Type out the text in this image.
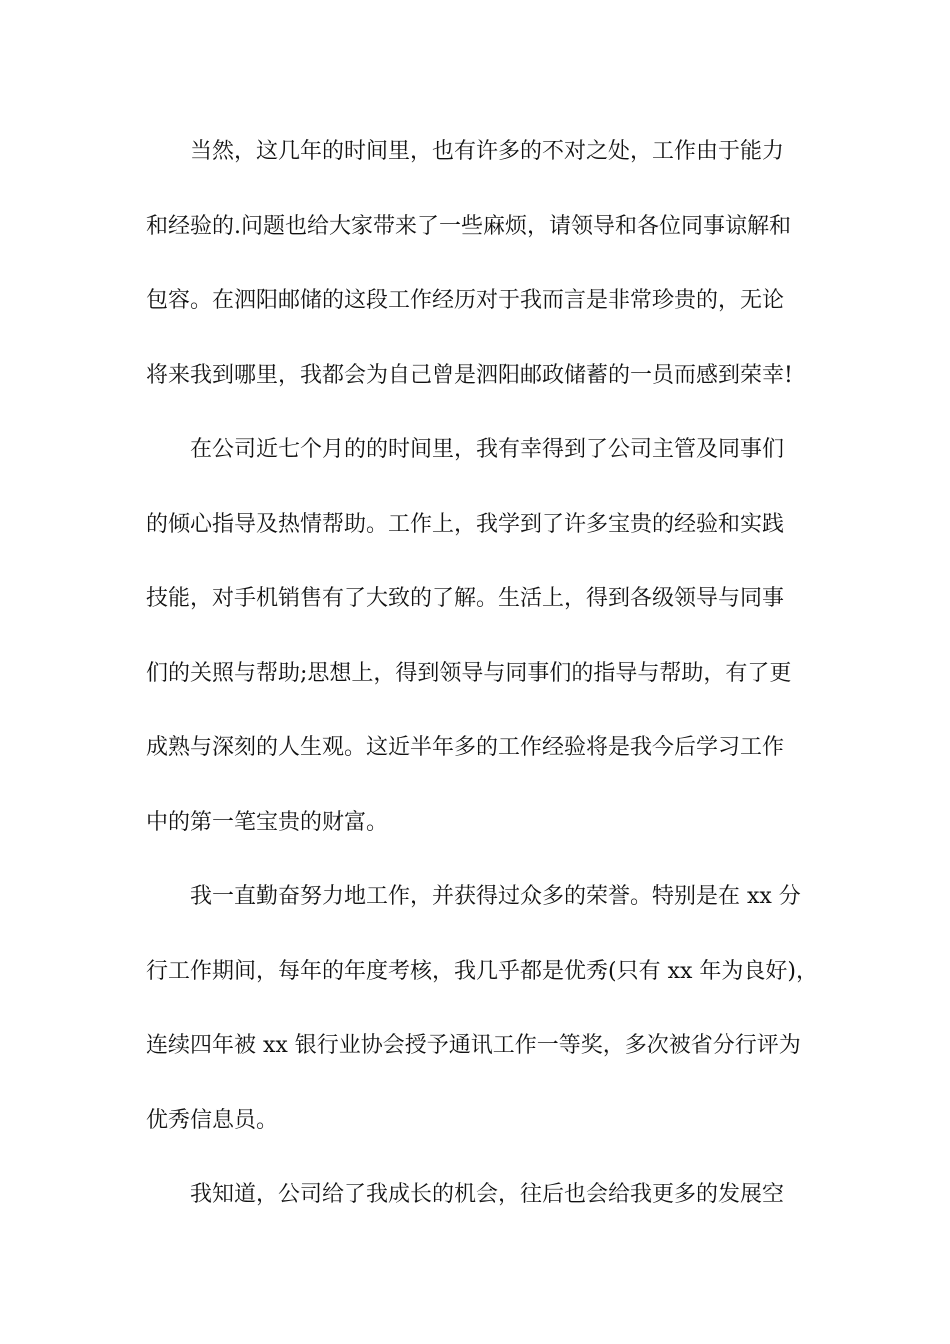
当然，这几年的时间里，也有许多的不对之处，工作由于能力
和经验的.问题也给大家带来了一些麻烦，请领导和各位同事谅解和
包容。在泗阳邮储的这段工作经历对于我而言是非常珍贵的，无论
将来我到哪里，我都会为自己曾是泗阳邮政储蓄的一员而感到荣幸!
在公司近七个月的的时间里，我有幸得到了公司主管及同事们
的倾心指导及热情帮助。工作上，我学到了许多宝贵的经验和实践
技能，对手机销售有了大致的了解。生活上，得到各级领导与同事
们的关照与帮助;思想上，得到领导与同事们的指导与帮助，有了更
成熟与深刻的人生观。这近半年多的工作经验将是我今后学习工作
中的第一笔宝贵的财富。
我一直勤奋努力地工作，并获得过众多的荣誉。特别是在 xx 分
行工作期间，每年的年度考核，我几乎都是优秀(只有 xx 年为良好)，
连续四年被 xx 银行业协会授予通讯工作一等奖，多次被省分行评为
优秀信息员。
我知道，公司给了我成长的机会，往后也会给我更多的发展空
